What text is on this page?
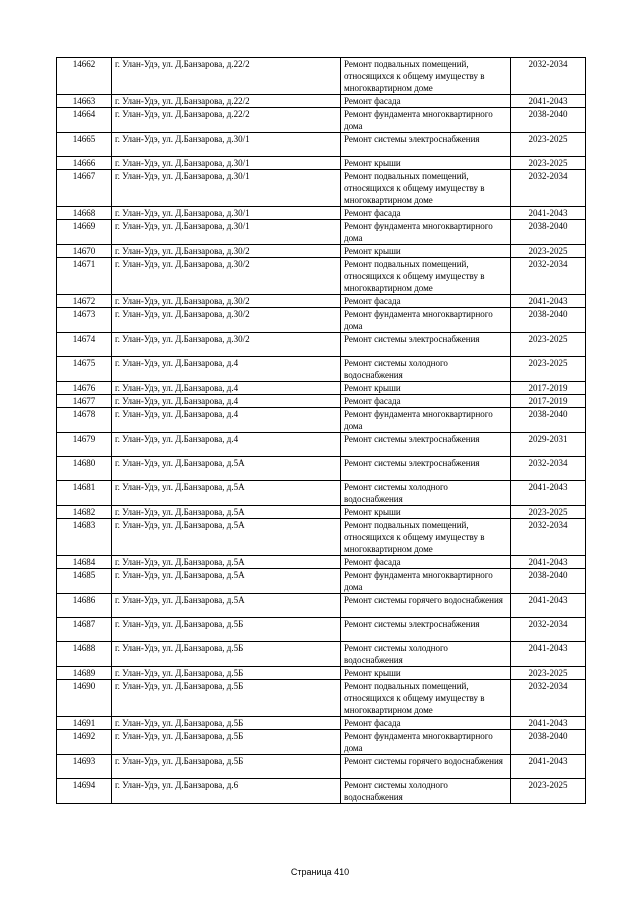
14662	г. Улан-Удэ, ул. Д.Банзарова, д.22/2	Ремонт подвальных помещений, относящихся к общему имуществу в многоквартирном доме	2032-2034
14663	г. Улан-Удэ, ул. Д.Банзарова, д.22/2	Ремонт фасада	2041-2043
14664	г. Улан-Удэ, ул. Д.Банзарова, д.22/2	Ремонт фундамента многоквартирного дома	2038-2040
14665	г. Улан-Удэ, ул. Д.Банзарова, д.30/1	Ремонт системы электроснабжения	2023-2025
14666	г. Улан-Удэ, ул. Д.Банзарова, д.30/1	Ремонт крыши	2023-2025
14667	г. Улан-Удэ, ул. Д.Банзарова, д.30/1	Ремонт подвальных помещений, относящихся к общему имуществу в многоквартирном доме	2032-2034
14668	г. Улан-Удэ, ул. Д.Банзарова, д.30/1	Ремонт фасада	2041-2043
14669	г. Улан-Удэ, ул. Д.Банзарова, д.30/1	Ремонт фундамента многоквартирного дома	2038-2040
14670	г. Улан-Удэ, ул. Д.Банзарова, д.30/2	Ремонт крыши	2023-2025
14671	г. Улан-Удэ, ул. Д.Банзарова, д.30/2	Ремонт подвальных помещений, относящихся к общему имуществу в многоквартирном доме	2032-2034
14672	г. Улан-Удэ, ул. Д.Банзарова, д.30/2	Ремонт фасада	2041-2043
14673	г. Улан-Удэ, ул. Д.Банзарова, д.30/2	Ремонт фундамента многоквартирного дома	2038-2040
14674	г. Улан-Удэ, ул. Д.Банзарова, д.30/2	Ремонт системы электроснабжения	2023-2025
14675	г. Улан-Удэ, ул. Д.Банзарова, д.4	Ремонт системы холодного водоснабжения	2023-2025
14676	г. Улан-Удэ, ул. Д.Банзарова, д.4	Ремонт крыши	2017-2019
14677	г. Улан-Удэ, ул. Д.Банзарова, д.4	Ремонт фасада	2017-2019
14678	г. Улан-Удэ, ул. Д.Банзарова, д.4	Ремонт фундамента многоквартирного дома	2038-2040
14679	г. Улан-Удэ, ул. Д.Банзарова, д.4	Ремонт системы электроснабжения	2029-2031
14680	г. Улан-Удэ, ул. Д.Банзарова, д.5А	Ремонт системы электроснабжения	2032-2034
14681	г. Улан-Удэ, ул. Д.Банзарова, д.5А	Ремонт системы холодного водоснабжения	2041-2043
14682	г. Улан-Удэ, ул. Д.Банзарова, д.5А	Ремонт крыши	2023-2025
14683	г. Улан-Удэ, ул. Д.Банзарова, д.5А	Ремонт подвальных помещений, относящихся к общему имуществу в многоквартирном доме	2032-2034
14684	г. Улан-Удэ, ул. Д.Банзарова, д.5А	Ремонт фасада	2041-2043
14685	г. Улан-Удэ, ул. Д.Банзарова, д.5А	Ремонт фундамента многоквартирного дома	2038-2040
14686	г. Улан-Удэ, ул. Д.Банзарова, д.5А	Ремонт системы горячего водоснабжения	2041-2043
14687	г. Улан-Удэ, ул. Д.Банзарова, д.5Б	Ремонт системы электроснабжения	2032-2034
14688	г. Улан-Удэ, ул. Д.Банзарова, д.5Б	Ремонт системы холодного водоснабжения	2041-2043
14689	г. Улан-Удэ, ул. Д.Банзарова, д.5Б	Ремонт крыши	2023-2025
14690	г. Улан-Удэ, ул. Д.Банзарова, д.5Б	Ремонт подвальных помещений, относящихся к общему имуществу в многоквартирном доме	2032-2034
14691	г. Улан-Удэ, ул. Д.Банзарова, д.5Б	Ремонт фасада	2041-2043
14692	г. Улан-Удэ, ул. Д.Банзарова, д.5Б	Ремонт фундамента многоквартирного дома	2038-2040
14693	г. Улан-Удэ, ул. Д.Банзарова, д.5Б	Ремонт системы горячего водоснабжения	2041-2043
14694	г. Улан-Удэ, ул. Д.Банзарова, д.6	Ремонт системы холодного водоснабжения	2023-2025
Страница 410
